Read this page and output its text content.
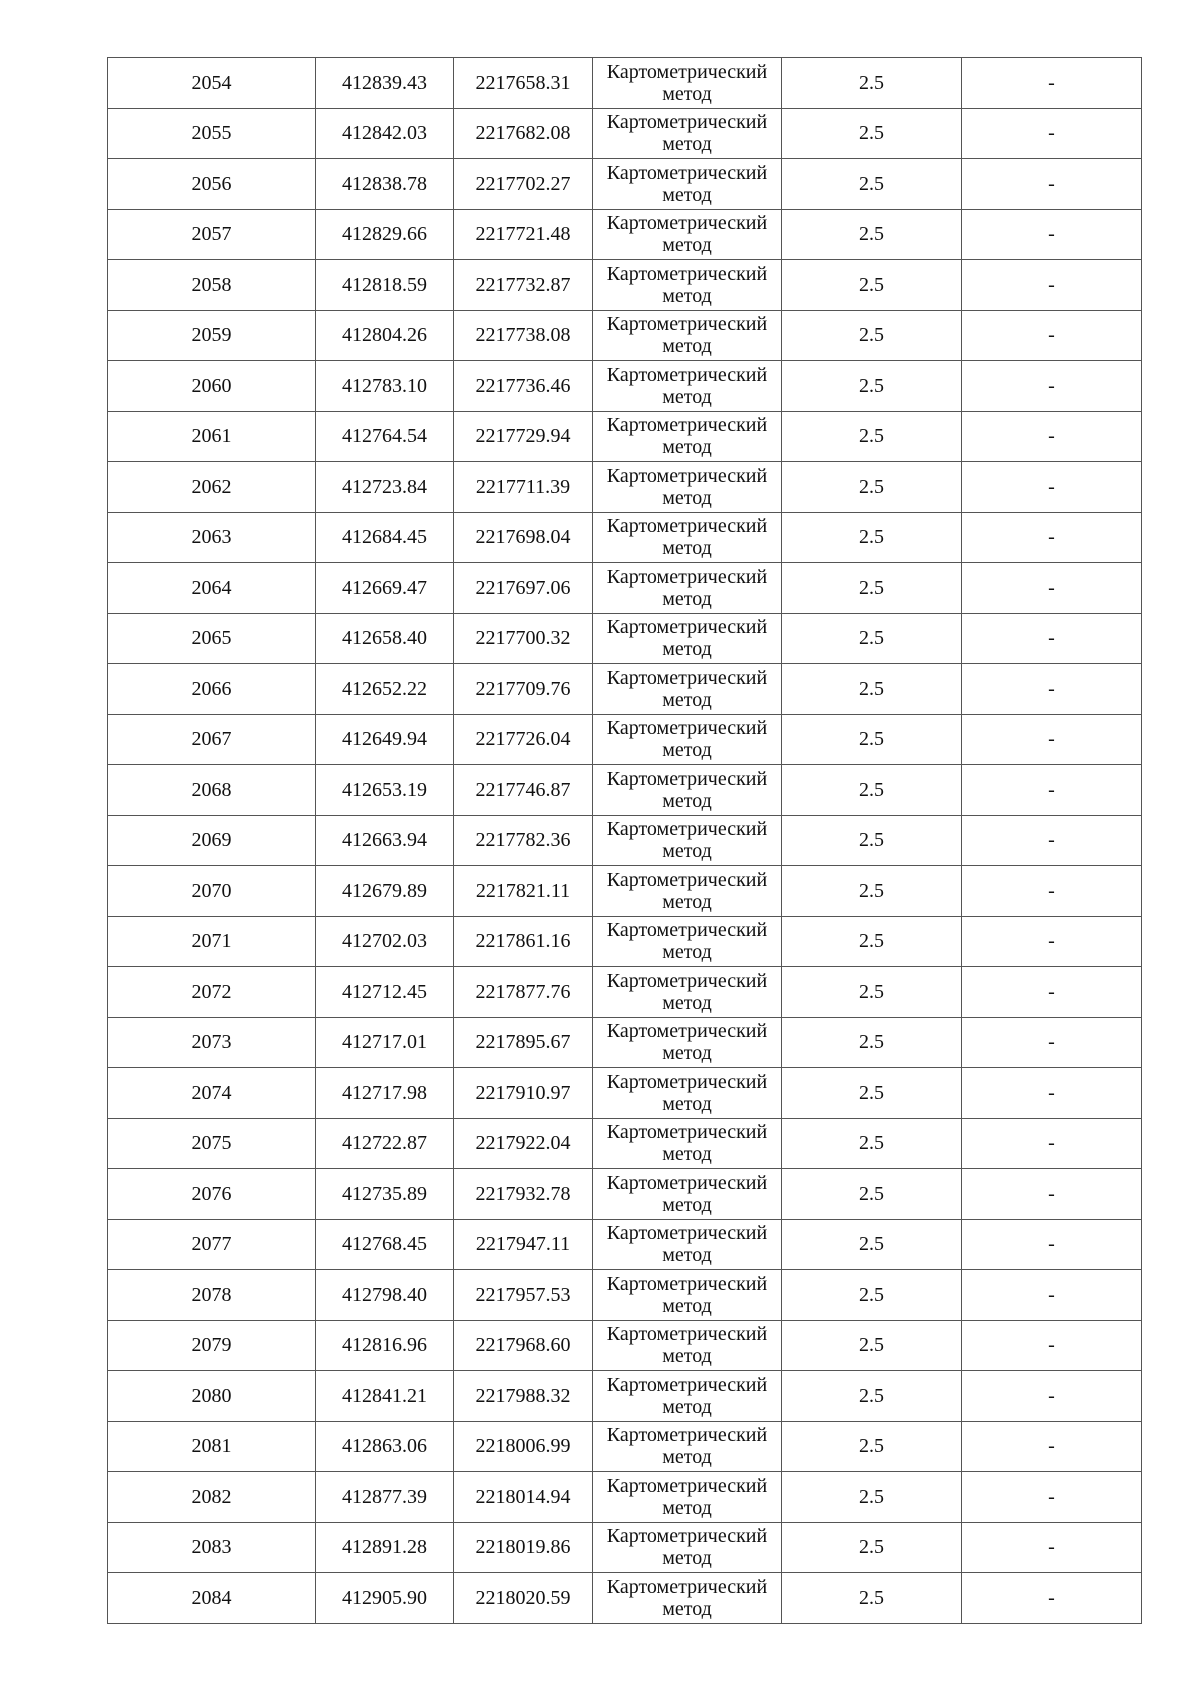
2054	412839.43	2217658.31	Картометрический метод	2.5	-
2055	412842.03	2217682.08	Картометрический метод	2.5	-
2056	412838.78	2217702.27	Картометрический метод	2.5	-
2057	412829.66	2217721.48	Картометрический метод	2.5	-
2058	412818.59	2217732.87	Картометрический метод	2.5	-
2059	412804.26	2217738.08	Картометрический метод	2.5	-
2060	412783.10	2217736.46	Картометрический метод	2.5	-
2061	412764.54	2217729.94	Картометрический метод	2.5	-
2062	412723.84	2217711.39	Картометрический метод	2.5	-
2063	412684.45	2217698.04	Картометрический метод	2.5	-
2064	412669.47	2217697.06	Картометрический метод	2.5	-
2065	412658.40	2217700.32	Картометрический метод	2.5	-
2066	412652.22	2217709.76	Картометрический метод	2.5	-
2067	412649.94	2217726.04	Картометрический метод	2.5	-
2068	412653.19	2217746.87	Картометрический метод	2.5	-
2069	412663.94	2217782.36	Картометрический метод	2.5	-
2070	412679.89	2217821.11	Картометрический метод	2.5	-
2071	412702.03	2217861.16	Картометрический метод	2.5	-
2072	412712.45	2217877.76	Картометрический метод	2.5	-
2073	412717.01	2217895.67	Картометрический метод	2.5	-
2074	412717.98	2217910.97	Картометрический метод	2.5	-
2075	412722.87	2217922.04	Картометрический метод	2.5	-
2076	412735.89	2217932.78	Картометрический метод	2.5	-
2077	412768.45	2217947.11	Картометрический метод	2.5	-
2078	412798.40	2217957.53	Картометрический метод	2.5	-
2079	412816.96	2217968.60	Картометрический метод	2.5	-
2080	412841.21	2217988.32	Картометрический метод	2.5	-
2081	412863.06	2218006.99	Картометрический метод	2.5	-
2082	412877.39	2218014.94	Картометрический метод	2.5	-
2083	412891.28	2218019.86	Картометрический метод	2.5	-
2084	412905.90	2218020.59	Картометрический метод	2.5	-
